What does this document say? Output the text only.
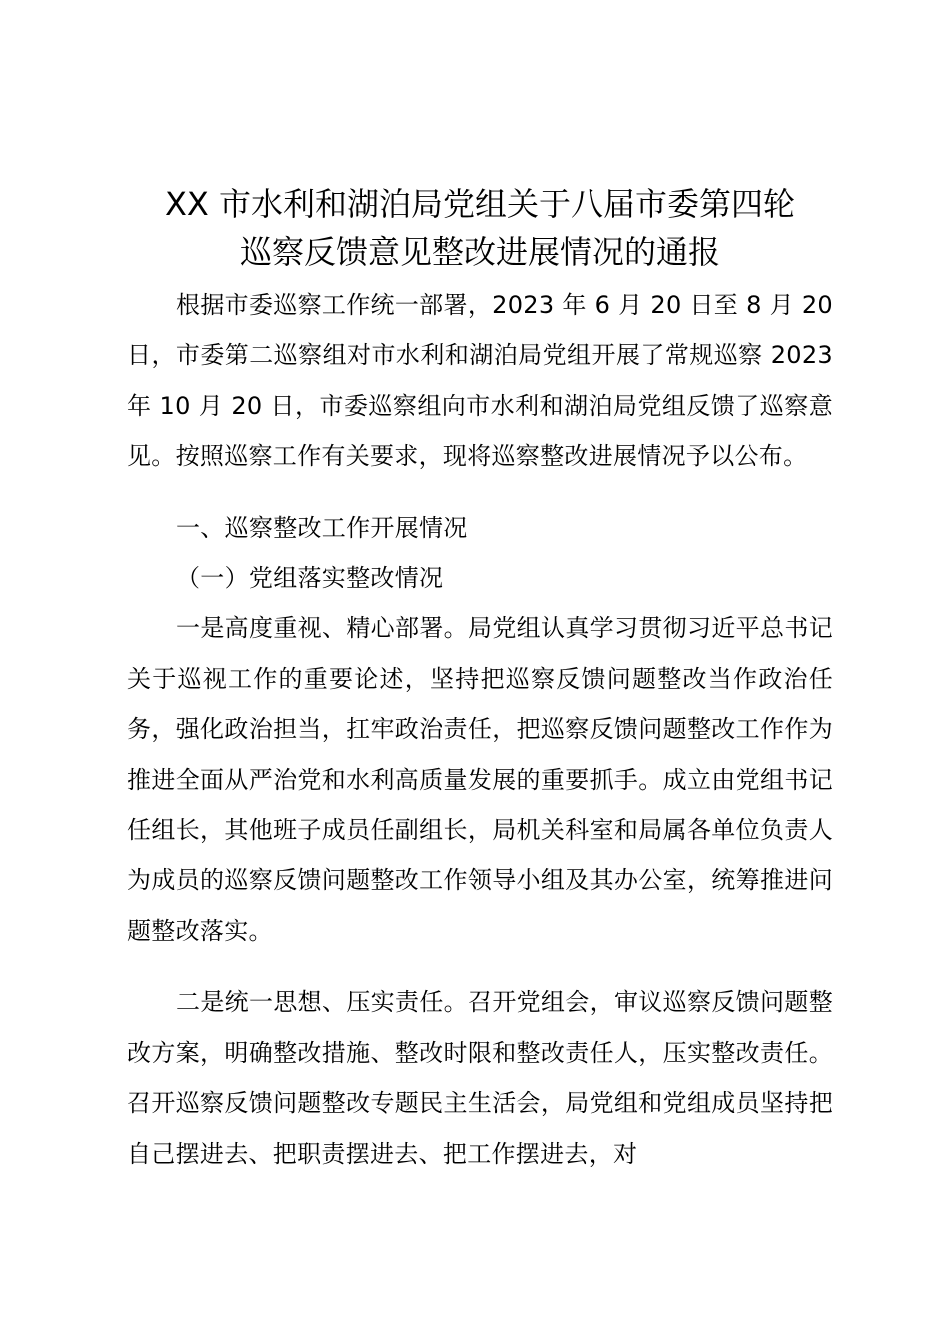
XX 市水利和湖泊局党组关于八届市委第四轮
巡察反馈意见整改进展情况的通报

根据市委巡察工作统一部署，2023 年 6 月 20 日至 8 月 20 日，市委第二巡察组对市水利和湖泊局党组开展了常规巡察 2023 年 10 月 20 日，市委巡察组向市水利和湖泊局党组反馈了巡察意见。按照巡察工作有关要求，现将巡察整改进展情况予以公布。

一、巡察整改工作开展情况

（一）党组落实整改情况

一是高度重视、精心部署。局党组认真学习贯彻习近平总书记关于巡视工作的重要论述，坚持把巡察反馈问题整改当作政治任务，强化政治担当，扛牢政治责任，把巡察反馈问题整改工作作为推进全面从严治党和水利高质量发展的重要抓手。成立由党组书记任组长，其他班子成员任副组长，局机关科室和局属各单位负责人为成员的巡察反馈问题整改工作领导小组及其办公室，统筹推进问题整改落实。

二是统一思想、压实责任。召开党组会，审议巡察反馈问题整改方案，明确整改措施、整改时限和整改责任人，压实整改责任。召开巡察反馈问题整改专题民主生活会，局党组和党组成员坚持把自己摆进去、把职责摆进去、把工作摆进去，对
